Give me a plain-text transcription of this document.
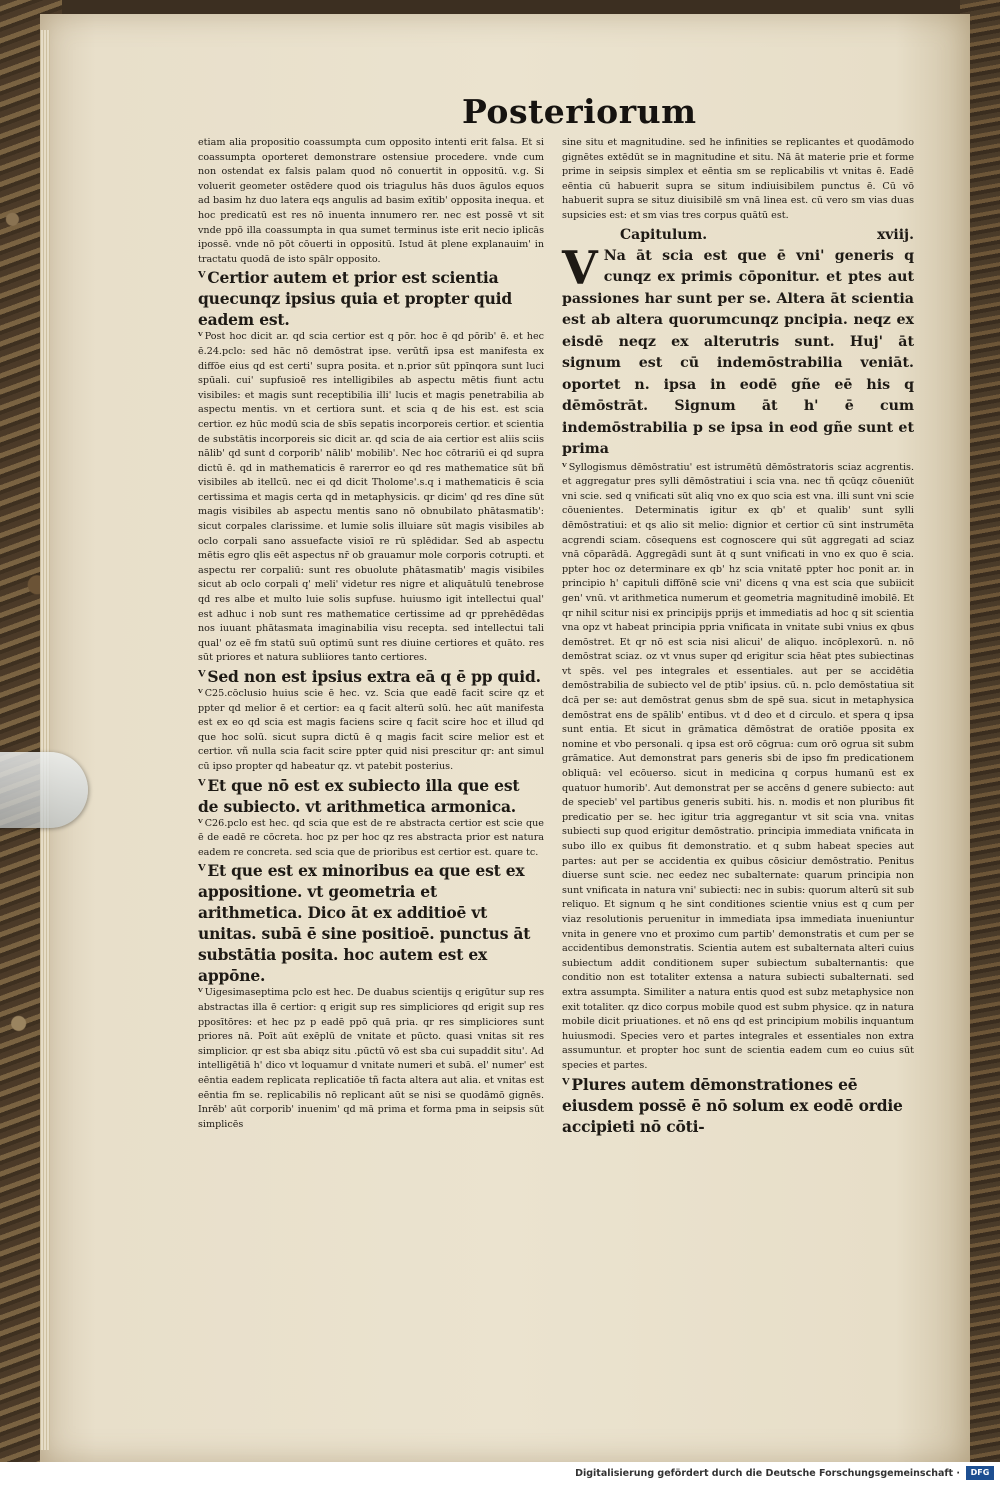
Posteriorum

etiam alia propositio coassumpta cum opposito intenti erit falsa. Et si coassumpta oporteret demonstrare ostensiue procedere. vnde cum non ostendat ex falsis palam quod nō conuertit in oppositū. v.g. Si voluerit geometer ostēdere quod ois triagulus hās duos āgulos equos ad basim hz duo latera eqs angulis ad basim exītib' opposita inequa. et hoc predicatū est res nō inuenta innumero rer. nec est possē vt sit vnde ppō illa coassumpta in qua sumet terminus iste erit necio iplicās ipossē. vnde nō pōt cōuerti in oppositū. Istud āt plene explanauim' in tractatu quodā de isto spālr opposito.

ⱽ Certior autem et prior est scientia quecunqz ipsius quia et propter quid eadem est.

ⱽ Post hoc dicit ar. qd scia certior est q pōr. hoc ē qd pōrib' ē. et hec ē.24.pclo: sed hāc nō demōstrat ipse. verūtñ ipsa est manifesta ex diffōe eius qd est certi' supra posita. et n.prior sūt ppīnqora sunt luci spūali. cui' supfusioē res intelligibiles ab aspectu mētis fiunt actu visibiles: et magis sunt receptibilia illi' lucis et magis penetrabilia ab aspectu mentis. vn et certiora sunt. et scia q de his est. est scia certior. ez hūc modū scia de sbīs sepatis incorporeis certior. et scientia de substātis incorporeis sic dicit ar. qd scia de aia certior est aliis sciis nālib' qd sunt d corporib' nālib' mobilib'. Nec hoc cōtrariū ei qd supra dictū ē. qd in mathematicis ē rarerror eo qd res mathematice sūt bñ visibiles ab itellcū. nec ei qd dicit Tholome'.s.q i mathematicis ē scia certissima et magis certa qd in metaphysicis. qr dicim' qd res dīne sūt magis visibiles ab aspectu mentis sano nō obnubilato phātasmatib': sicut corpales clarissime. et lumie solis illuiare sūt magis visibiles ab oclo corpali sano assuefacte visioī re rū splēdidar. Sed ab aspectu mētis egro qlis eēt aspectus nr̄ ob grauamur mole corporis cotrupti. et aspectu rer corpaliū: sunt res obuolute phātasmatib' magis visibiles sicut ab oclo corpali q' meli' videtur res nigre et aliquātulū tenebrose qd res albe et multo luie solis supfuse. huiusmo igit intellectui qual' est adhuc i nob sunt res mathematice certissime ad qr pprehēdēdas nos iuuant phātasmata imaginabilia visu recepta. sed intellectui tali qual' oz eē fm statū suū optimū sunt res diuine certiores et quāto. res sūt priores et natura subliiores tanto certiores.

ⱽ Sed non est ipsius extra eā q ē pp quid.

ⱽ C25.cōclusio huius scie ē hec. vz. Scia que eadē facit scire qz et ppter qd melior ē et certior: ea q facit alterū solū. hec aūt manifesta est ex eo qd scia est magis faciens scire q facit scire hoc et illud qd que hoc solū. sicut supra dictū ē q magis facit scire melior est et certior. vñ nulla scia facit scire ppter quid nisi prescitur qr: ant simul cū ipso propter qd habeatur qz. vt patebit posterius.

ⱽ Et que nō est ex subiecto illa que est de subiecto. vt arithmetica armonica.

ⱽ C26.pclo est hec. qd scia que est de re abstracta certior est scie que ē de eadē re cōcreta. hoc pz per hoc qz res abstracta prior est natura eadem re concreta. sed scia que de prioribus est certior est. quare tc.

ⱽ Et que est ex minoribus ea que est ex appositione. vt geometria et arithmetica. Dico āt ex additioē vt unitas. subā ē sine positioē. punctus āt substātia posita. hoc autem est ex appōne.

ⱽ Uigesimaseptima pclo est hec. De duabus scientijs q erigūtur sup res abstractas illa ē certior: q erigit sup res simpliciores qd erigit sup res pposītōres: et hec pz p eadē ppō quā pria. qr res simpliciores sunt priores nā. Poīt aūt exēplū de vnitate et pūcto. quasi vnitas sit res simplicior. qr est sba abiqz situ .pūctū vō est sba cui supaddit situ'. Ad intelligētiā h' dico vt loquamur d vnitate numeri et subā. el' numer' est eēntia eadem replicata replicatiōe tñ facta altera aut alia. et vnitas est eēntia fm se. replicabilis nō replicant aūt se nisi se quodāmō gignēs. Inrēb' aūt corporib' inuenim' qd mā prima et forma pma in seipsis sūt simplicēs

sine situ et magnitudine. sed he infinities se replicantes et quodāmodo gignētes extēdūt se in magnitudine et situ. Nā āt materie prie et forme prime in seipsis simplex et eēntia sm se replicabilis vt vnitas ē. Eadē eēntia cū habuerit supra se situm indiuisibilem punctus ē. Cū vō habuerit supra se situz diuisibilē sm vnā linea est. cū vero sm vias duas supsicies est: et sm vias tres corpus quātū est.

Capitulum.	xviij.

V Na āt scia est que ē vni' generis q cunqz ex primis cōponitur. et ptes aut passiones har sunt per se. Altera āt scientia est ab altera quorumcunqz pncipia. neqz ex eisdē neqz ex alterutris sunt. Huj' āt signum est cū indemōstrabilia veniāt. oportet n. ipsa in eodē gñe eē his q dēmōstrāt. Signum āt h' ē cum indemōstrabilia p se ipsa in eod gñe sunt et prima

ⱽ Syllogismus dēmōstratiu' est istrumētū dēmōstratoris sciaz acgrentis. et aggregatur pres sylli dēmōstratiui i scia vna. nec tñ qcūqz cōueniūt vni scie. sed q vnificati sūt aliq vno ex quo scia est vna. illi sunt vni scie cōuenientes. Determinatis igitur ex qb' et qualib' sunt sylli dēmōstratiui: et qs alio sit melio: dignior et certior cū sint instrumēta acgrendi sciam. cōsequens est cognoscere qui sūt aggregati ad sciaz vnā cōparādā. Aggregādi sunt āt q sunt vnificati in vno ex quo ē scia. ppter hoc oz determinare ex qb' hz scia vnitatē ppter hoc ponit ar. in principio h' capituli diffōnē scie vni' dicens q vna est scia que subiicit gen' vnū. vt arithmetica numerum et geometria magnitudinē imobilē. Et qr nihil scitur nisi ex principijs pprijs et immediatis ad hoc q sit scientia vna opz vt habeat principia ppria vnificata in vnitate subi vnius ex qbus demōstret. Et qr nō est scia nisi alicui' de aliquo. incōplexorū. n. nō demōstrat sciaz. oz vt vnus super qd erigitur scia hēat ptes subiectinas vt spēs. vel pes integrales et essentiales. aut per se accidētia demōstrabilia de subiecto vel de ptib' ipsius. cū. n. pclo demōstatiua sit dcā per se: aut demōstrat genus sbm de spē sua. sicut in metaphysica demōstrat ens de spālib' entibus. vt d deo et d circulo. et spera q ipsa sunt entia. Et sicut in grāmatica dēmōstrat de oratiōe pposita ex nomine et vbo personali. q ipsa est orō cōgrua: cum orō ogrua sit subm grāmatice. Aut demonstrat pars generis sbi de ipso fm predicationem obliquā: vel ecōuerso. sicut in medicina q corpus humanū est ex quatuor humorib'. Aut demonstrat per se accēns d genere subiecto: aut de specieb' vel partibus generis subiti. his. n. modis et non pluribus fit predicatio per se. hec igitur tria aggregantur vt sit scia vna. vnitas subiecti sup quod erigitur demōstratio. principia immediata vnificata in subo illo ex quibus fit demonstratio. et q subm habeat species aut partes: aut per se accidentia ex quibus cōsiciur demōstratio. Penitus diuerse sunt scie. nec eedez nec subalternate: quarum principia non sunt vnificata in natura vni' subiecti: nec in subis: quorum alterū sit sub reliquo. Et signum q he sint conditiones scientie vnius est q cum per viaz resolutionis peruenitur in immediata ipsa immediata inueniuntur vnita in genere vno et proximo cum partib' demonstratis et cum per se accidentibus demonstratis. Scientia autem est subalternata alteri cuius subiectum addit conditionem super subiectum subalternantis: que conditio non est totaliter extensa a natura subiecti subalternati. sed extra assumpta. Similiter a natura entis quod est subz metaphysice non exit totaliter. qz dico corpus mobile quod est subm physice. qz in natura mobile dicit priuationes. et nō ens qd est principium mobilis inquantum huiusmodi. Species vero et partes integrales et essentiales non extra assumuntur. et propter hoc sunt de scientia eadem cum eo cuius sūt species et partes.

ⱽ Plures autem dēmonstrationes eē eiusdem possē ē nō solum ex eodē ordie accipieti nō cōti-

Digitalisierung gefördert durch die Deutsche Forschungsgemeinschaft ·	DFG
